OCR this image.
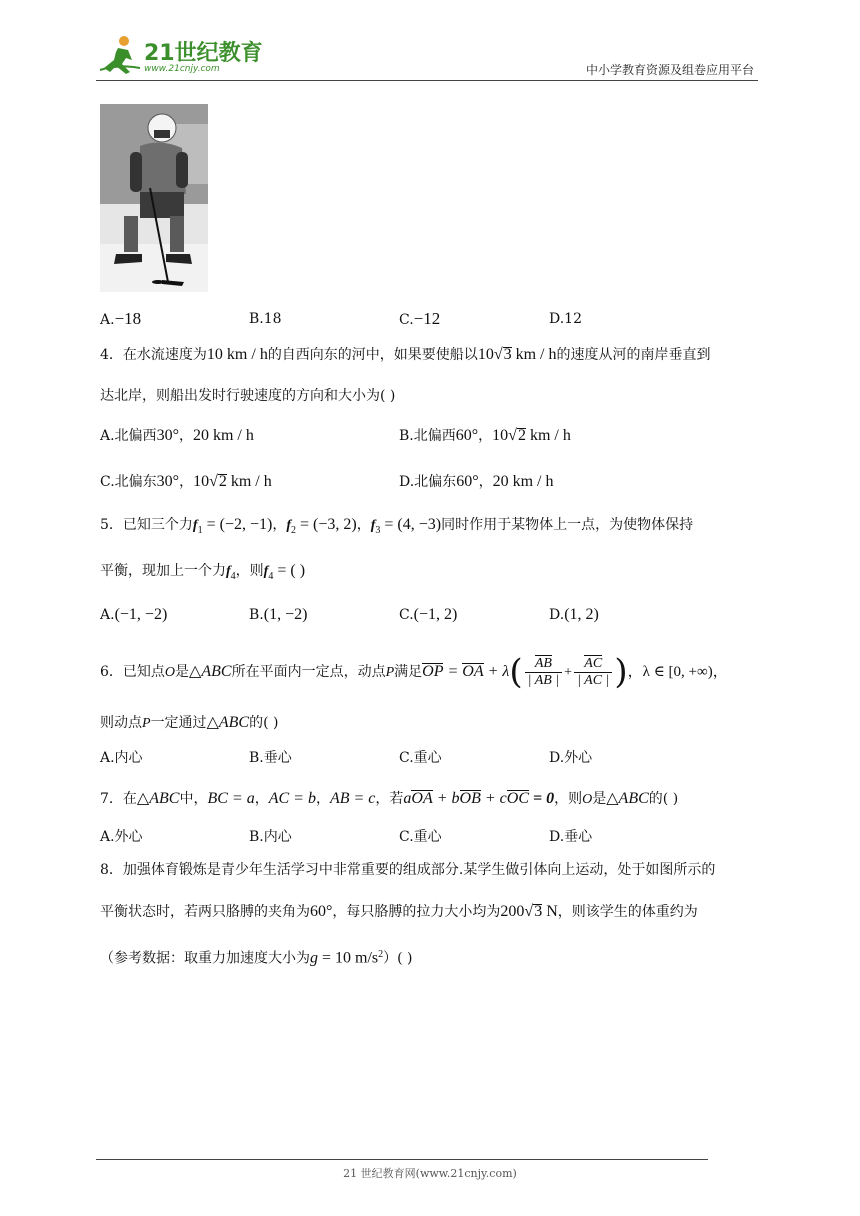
21世纪教育
www.21cnjy.com	中小学教育资源及组卷应用平台
A.−18	B.18	C.−12	D.12
4．在水流速度为10 km / h的自西向东的河中，如果要使船以10√3 km / h的速度从河的南岸垂直到
达北岸，则船出发时行驶速度的方向和大小为( )
A.北偏西30°，20 km / h	B.北偏西60°，10√2 km / h
C.北偏东30°，10√2 km / h	D.北偏东60°，20 km / h
5．已知三个力$f_1 = (-2$, −1)，$f_2 = (-3$, 2)，$f_3 = (4$, −3)同时作用于某物体上一点，为使物体保持
平衡，现加上一个力$f_4$，则$f_4$ = ( )
A.(−1, −2)	B.(1, −2)	C.(−1, 2)	D.(1, 2)
6．已知点O是△ABC所在平面内一定点，动点P满足OP = OA + $\lambda( \frac{AB}{| AB |} + \frac{AC}{| AC |}$ )，λ ∈ [0, +∞)，
则动点P一定通过△ABC的( )
A.内心	B.垂心	C.重心	D.外心
7．在△ABC中，BC = a，AC = b，AB = c，若aOA + bOB + cOC = 0，则O是△ABC的( )
A.外心	B.内心	C.重心	D.垂心
8．加强体育锻炼是青少年生活学习中非常重要的组成部分.某学生做引体向上运动，处于如图所示的
平衡状态时，若两只胳膊的夹角为60°，每只胳膊的拉力大小均为200√3 N，则该学生的体重约为
（参考数据：取重力加速度大小为g = 10 $m/s^2$）( )
21 世纪教育网(www.21cnjy.com)
